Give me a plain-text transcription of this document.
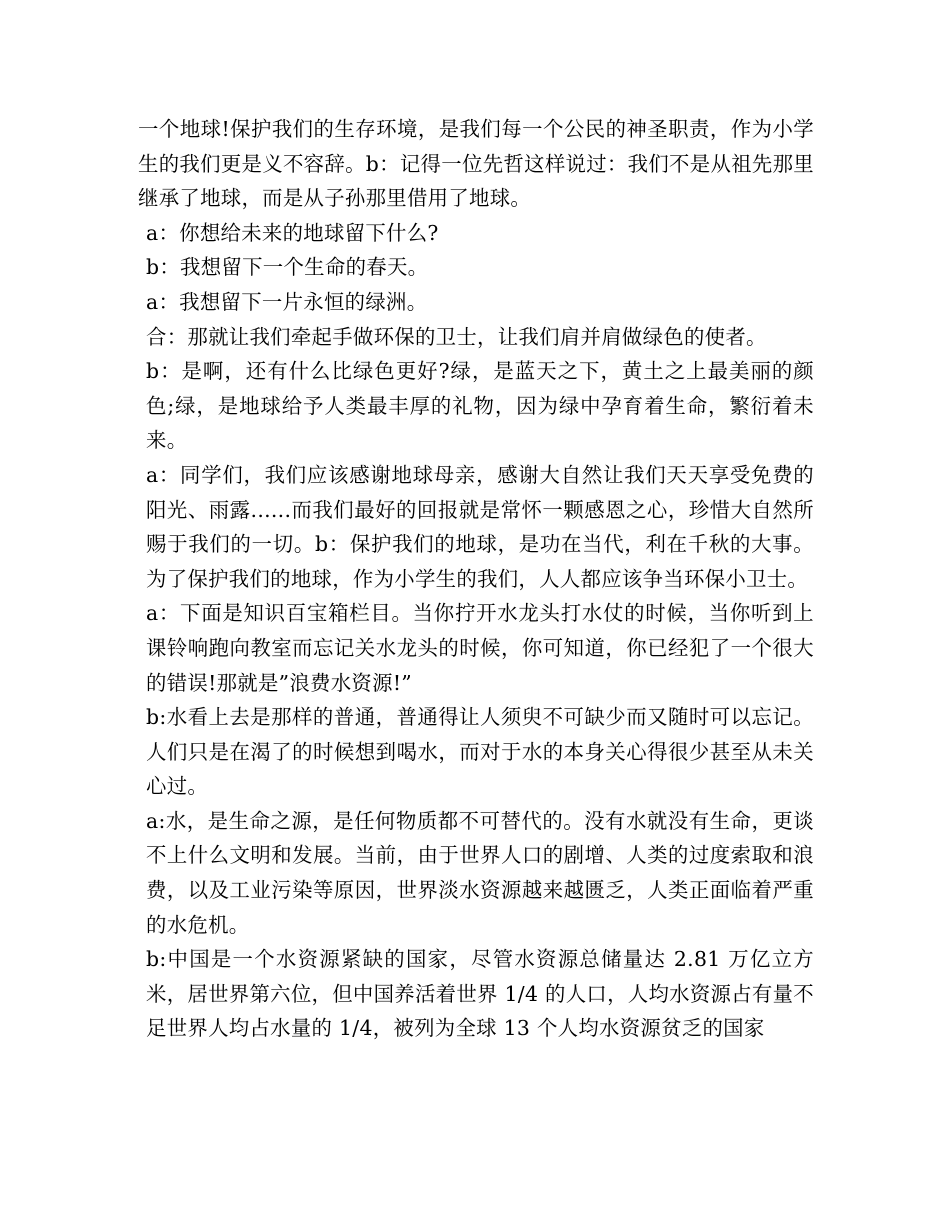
一个地球!保护我们的生存环境，是我们每一个公民的神圣职责，作为小学生的我们更是义不容辞。b：记得一位先哲这样说过：我们不是从祖先那里继承了地球，而是从子孙那里借用了地球。

a：你想给未来的地球留下什么?

b：我想留下一个生命的春天。

a：我想留下一片永恒的绿洲。

合：那就让我们牵起手做环保的卫士，让我们肩并肩做绿色的使者。

b：是啊，还有什么比绿色更好?绿，是蓝天之下，黄土之上最美丽的颜色;绿，是地球给予人类最丰厚的礼物，因为绿中孕育着生命，繁衍着未来。

a：同学们，我们应该感谢地球母亲，感谢大自然让我们天天享受免费的阳光、雨露......而我们最好的回报就是常怀一颗感恩之心，珍惜大自然所赐于我们的一切。b：保护我们的地球，是功在当代，利在千秋的大事。为了保护我们的地球，作为小学生的我们，人人都应该争当环保小卫士。

a：下面是知识百宝箱栏目。当你拧开水龙头打水仗的时候，当你听到上课铃响跑向教室而忘记关水龙头的时候，你可知道，你已经犯了一个很大的错误!那就是”浪费水资源!”

b:水看上去是那样的普通，普通得让人须臾不可缺少而又随时可以忘记。人们只是在渴了的时候想到喝水，而对于水的本身关心得很少甚至从未关心过。

a:水，是生命之源，是任何物质都不可替代的。没有水就没有生命，更谈不上什么文明和发展。当前，由于世界人口的剧增、人类的过度索取和浪费，以及工业污染等原因，世界淡水资源越来越匮乏，人类正面临着严重的水危机。

b:中国是一个水资源紧缺的国家，尽管水资源总储量达 2.81 万亿立方米，居世界第六位，但中国养活着世界 1/4 的人口，人均水资源占有量不足世界人均占水量的 1/4，被列为全球 13 个人均水资源贫乏的国家
